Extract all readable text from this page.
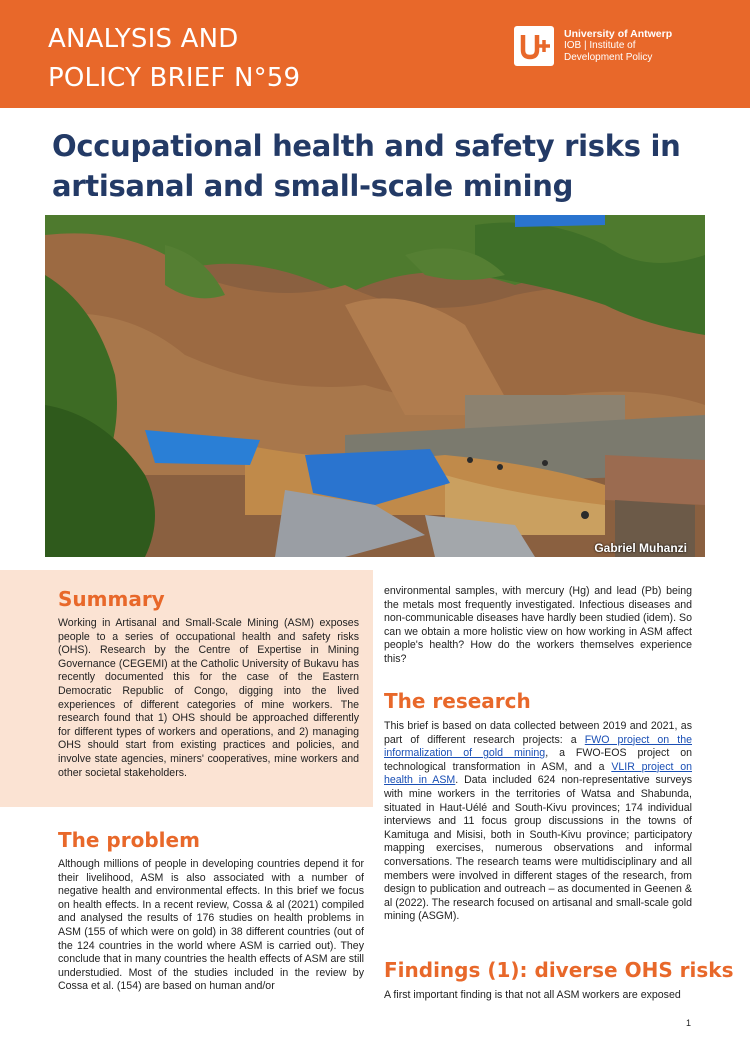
ANALYSIS AND
POLICY BRIEF N°59
University of Antwerp
IOB | Institute of
Development Policy
Occupational health and safety risks in artisanal and small-scale mining
Gabriel Muhanzi
Summary

Working in Artisanal and Small-Scale Mining (ASM) exposes people to a series of occupational health and safety risks (OHS). Research by the Centre of Expertise in Mining Governance (CEGEMI) at the Catholic University of Bukavu has recently documented this for the case of the Eastern Democratic Republic of Congo, digging into the lived experiences of different categories of mine workers. The research found that 1) OHS should be approached differently for different types of workers and operations, and 2) managing OHS should start from existing practices and policies, and involve state agencies, miners' cooperatives, mine workers and other societal stakeholders.

The problem

Although millions of people in developing countries depend it for their livelihood, ASM is also associated with a number of negative health and environmental effects. In this brief we focus on health effects. In a recent review, Cossa & al (2021) compiled and analysed the results of 176 studies on health problems in ASM (155 of which were on gold) in 38 different countries (out of the 124 countries in the world where ASM is carried out). They conclude that in many countries the health effects of ASM are still understudied. Most of the studies included in the review by Cossa et al. (154) are based on human and/or

environmental samples, with mercury (Hg) and lead (Pb) being the metals most frequently investigated. Infectious diseases and non-communicable diseases have hardly been studied (idem). So can we obtain a more holistic view on how working in ASM affect people's health? How do the workers themselves experience this?

The research

This brief is based on data collected between 2019 and 2021, as part of different research projects: a FWO project on the informalization of gold mining, a FWO-EOS project on technological transformation in ASM, and a VLIR project on health in ASM. Data included 624 non-representative surveys with mine workers in the territories of Watsa and Shabunda, situated in Haut-Uélé and South-Kivu provinces; 174 individual interviews and 11 focus group discussions in the towns of Kamituga and Misisi, both in South-Kivu province; participatory mapping exercises, numerous observations and informal conversations. The research teams were multidisciplinary and all members were involved in different stages of the research, from design to publication and outreach – as documented in Geenen & al (2022). The research focused on artisanal and small-scale gold mining (ASGM).

Findings (1): diverse OHS risks

A first important finding is that not all ASM workers are exposed

1
